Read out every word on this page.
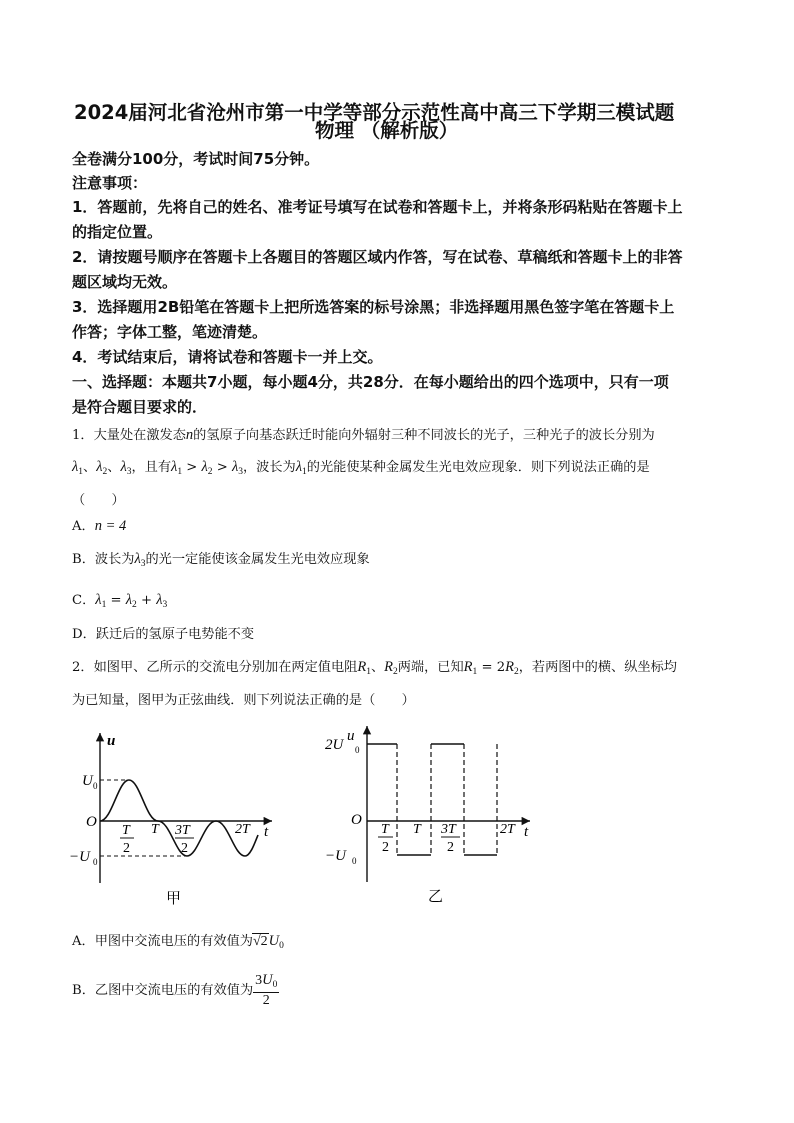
2024届河北省沧州市第一中学等部分示范性高中高三下学期三模试题
物理 （解析版）
全卷满分100分，考试时间75分钟。
注意事项：
1．答题前，先将自己的姓名、准考证号填写在试卷和答题卡上，并将条形码粘贴在答题卡上
的指定位置。
2．请按题号顺序在答题卡上各题目的答题区域内作答，写在试卷、草稿纸和答题卡上的非答
题区域均无效。
3．选择题用2B铅笔在答题卡上把所选答案的标号涂黑；非选择题用黑色签字笔在答题卡上
作答；字体工整，笔迹清楚。
4．考试结束后，请将试卷和答题卡一并上交。
一、选择题：本题共7小题，每小题4分，共28分．在每小题给出的四个选项中，只有一项
是符合题目要求的．
1．大量处在激发态n的氢原子向基态跃迁时能向外辐射三种不同波长的光子，三种光子的波长分别为
$\lambda_1$、$\lambda_2$、$\lambda_3$，且有$\lambda_1 > \lambda_2 > \lambda_3$，波长为$\lambda_1$的光能使某种金属发生光电效应现象．则下列说法正确的是
（　　）
A．n = 4
B．波长为$\lambda_3$的光一定能使该金属发生光电效应现象
C．$\lambda_1 = \lambda_2 + \lambda_3$
D．跃迁后的氢原子电势能不变
2．如图甲、乙所示的交流电分别加在两定值电阻$R_1$、$R_2$两端，已知$R_1 = 2R_2$，若两图中的横、纵坐标均
为已知量，图甲为正弦曲线．则下列说法正确的是（　　）
u
t
O
U 0
−U 0
T
2
T 3T
2
2T
甲
u
t
O
2U 0
−U 0
T
2
T 3T
2
2T
乙
A．甲图中交流电压的有效值为$√2U_0$
B．乙图中交流电压的有效值为 $\frac{3U_0}{2}$
